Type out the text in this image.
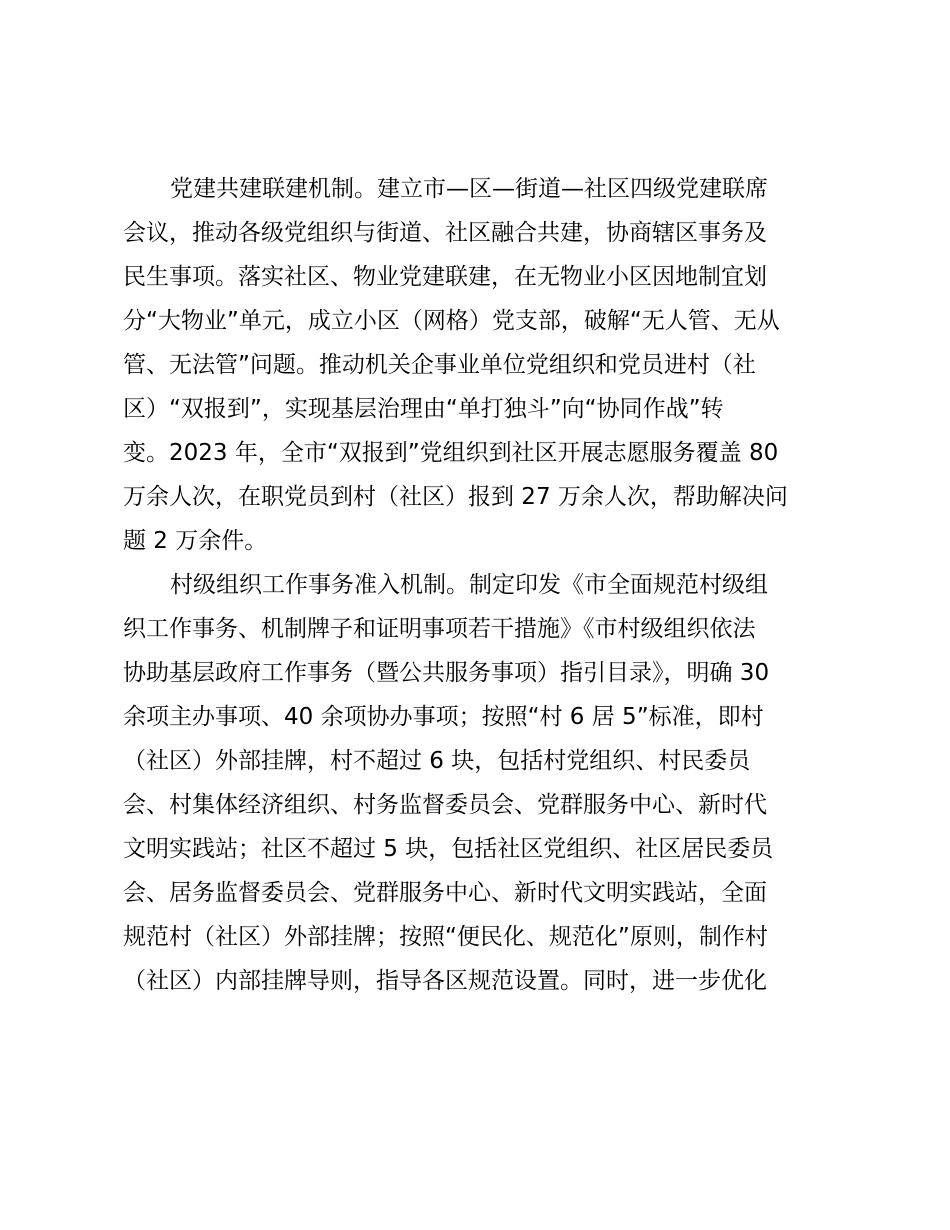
党建共建联建机制。建立市—区—街道—社区四级党建联席
会议，推动各级党组织与街道、社区融合共建，协商辖区事务及
民生事项。落实社区、物业党建联建，在无物业小区因地制宜划
分“大物业”单元，成立小区（网格）党支部，破解“无人管、无从
管、无法管”问题。推动机关企事业单位党组织和党员进村（社
区）“双报到”，实现基层治理由“单打独斗”向“协同作战”转
变。2023 年，全市“双报到”党组织到社区开展志愿服务覆盖 80
万余人次，在职党员到村（社区）报到 27 万余人次，帮助解决问
题 2 万余件。
村级组织工作事务准入机制。制定印发《市全面规范村级组
织工作事务、机制牌子和证明事项若干措施》《市村级组织依法
协助基层政府工作事务（暨公共服务事项）指引目录》，明确 30
余项主办事项、40 余项协办事项；按照“村 6 居 5”标准，即村
（社区）外部挂牌，村不超过 6 块，包括村党组织、村民委员
会、村集体经济组织、村务监督委员会、党群服务中心、新时代
文明实践站；社区不超过 5 块，包括社区党组织、社区居民委员
会、居务监督委员会、党群服务中心、新时代文明实践站，全面
规范村（社区）外部挂牌；按照“便民化、规范化”原则，制作村
（社区）内部挂牌导则，指导各区规范设置。同时，进一步优化
